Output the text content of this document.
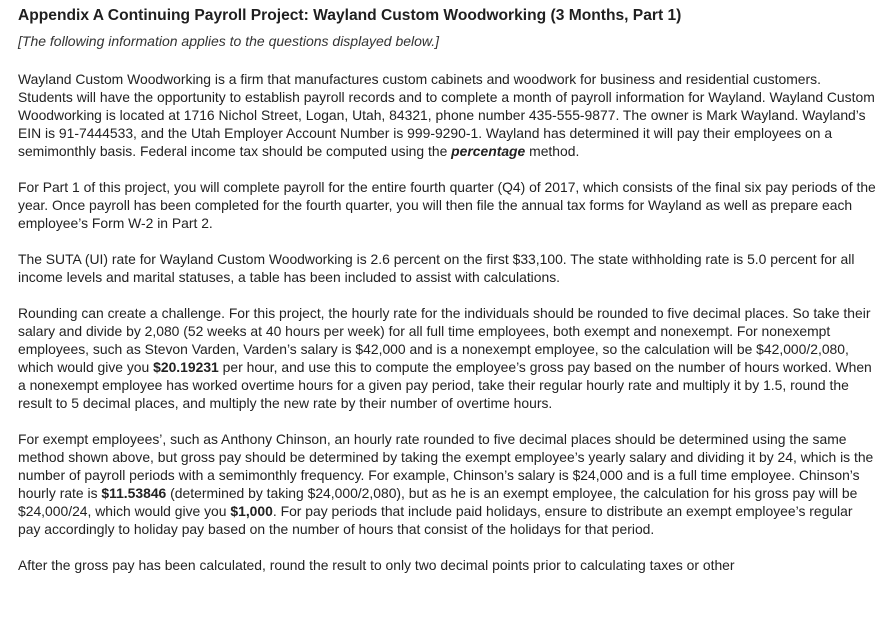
Appendix A Continuing Payroll Project: Wayland Custom Woodworking (3 Months, Part 1)
[The following information applies to the questions displayed below.]

Wayland Custom Woodworking is a firm that manufactures custom cabinets and woodwork for business and residential customers. Students will have the opportunity to establish payroll records and to complete a month of payroll information for Wayland. Wayland Custom Woodworking is located at 1716 Nichol Street, Logan, Utah, 84321, phone number 435-555-9877. The owner is Mark Wayland. Wayland’s EIN is 91-7444533, and the Utah Employer Account Number is 999-9290-1. Wayland has determined it will pay their employees on a semimonthly basis. Federal income tax should be computed using the percentage method.

For Part 1 of this project, you will complete payroll for the entire fourth quarter (Q4) of 2017, which consists of the final six pay periods of the year. Once payroll has been completed for the fourth quarter, you will then file the annual tax forms for Wayland as well as prepare each employee’s Form W-2 in Part 2.

The SUTA (UI) rate for Wayland Custom Woodworking is 2.6 percent on the first $33,100. The state withholding rate is 5.0 percent for all income levels and marital statuses, a table has been included to assist with calculations.

Rounding can create a challenge. For this project, the hourly rate for the individuals should be rounded to five decimal places. So take their salary and divide by 2,080 (52 weeks at 40 hours per week) for all full time employees, both exempt and nonexempt. For nonexempt employees, such as Stevon Varden, Varden’s salary is $42,000 and is a nonexempt employee, so the calculation will be $42,000/2,080, which would give you $20.19231 per hour, and use this to compute the employee’s gross pay based on the number of hours worked. When a nonexempt employee has worked overtime hours for a given pay period, take their regular hourly rate and multiply it by 1.5, round the result to 5 decimal places, and multiply the new rate by their number of overtime hours.

For exempt employees’, such as Anthony Chinson, an hourly rate rounded to five decimal places should be determined using the same method shown above, but gross pay should be determined by taking the exempt employee’s yearly salary and dividing it by 24, which is the number of payroll periods with a semimonthly frequency. For example, Chinson’s salary is $24,000 and is a full time employee. Chinson’s hourly rate is $11.53846 (determined by taking $24,000/2,080), but as he is an exempt employee, the calculation for his gross pay will be $24,000/24, which would give you $1,000. For pay periods that include paid holidays, ensure to distribute an exempt employee’s regular pay accordingly to holiday pay based on the number of hours that consist of the holidays for that period.

After the gross pay has been calculated, round the result to only two decimal points prior to calculating taxes or other
